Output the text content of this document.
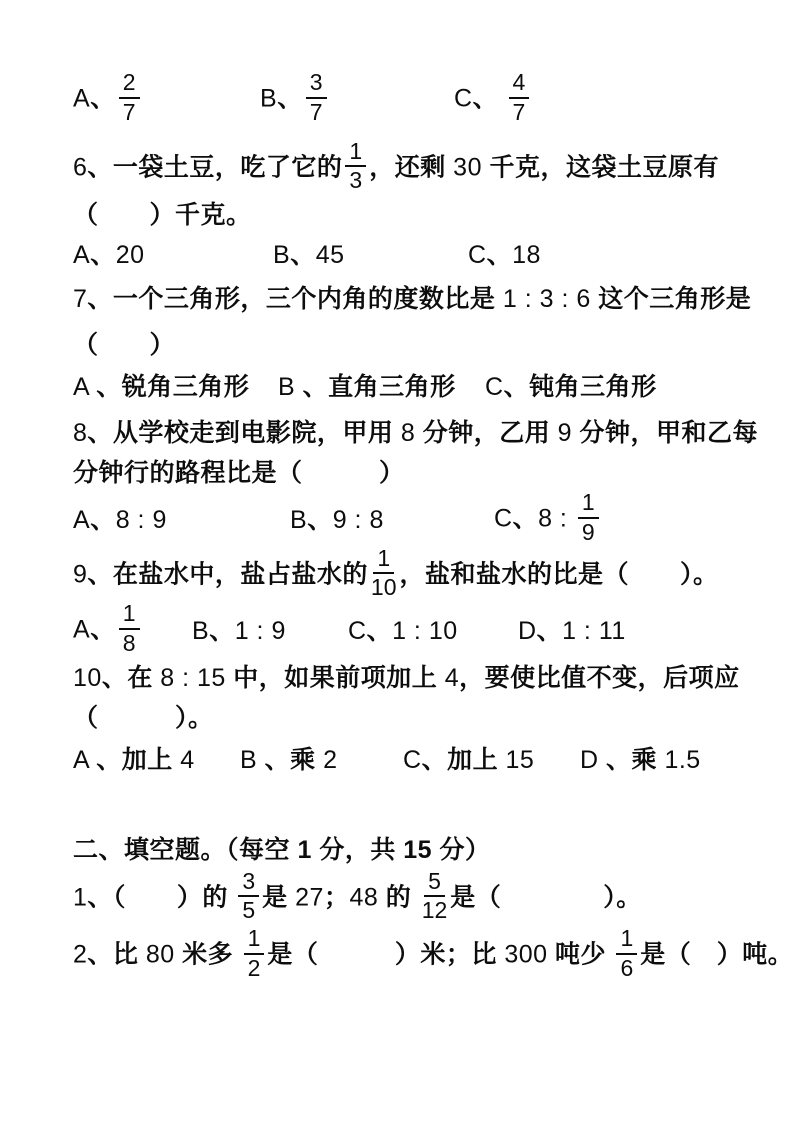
A、 $\frac{2}{7}$	B、 $\frac{3}{7}$	C、 $\frac{4}{7}$
6、一袋土豆，吃了它的 $\frac{1}{3}$ ，还剩 30 千克，这袋土豆原有
（　　）千克。
A、20	B、45	C、18
7、一个三角形，三个内角的度数比是 1 : 3 : 6 这个三角形是
（　　）
A 、锐角三角形	B 、直角三角形	C、钝角三角形
8、从学校走到电影院，甲用 8 分钟，乙用 9 分钟，甲和乙每
分钟行的路程比是（　　　）
A、8 : 9	B、9 : 8	C、8 : $\frac{1}{9}$
9、在盐水中，盐占盐水的 $\frac{1}{10}$ ，盐和盐水的比是（　　）。
A、 $\frac{1}{8}$ B、1 : 9	C、1 : 10	D、1 : 11
10、在 8 : 15 中，如果前项加上 4，要使比值不变，后项应
（　　　）。
A 、加上 4	B 、乘 2	C、加上 15	D 、乘 1.5
二、填空题。（每空 1 分，共 15 分）
1、（　　）的 $\frac{3}{5}$ 是 27；48 的 $\frac{5}{12}$ 是（　　　　）。
2、比 80 米多 $\frac{1}{2}$ 是（　　　）米；比 300 吨少 $\frac{1}{6}$ 是（　）吨。
